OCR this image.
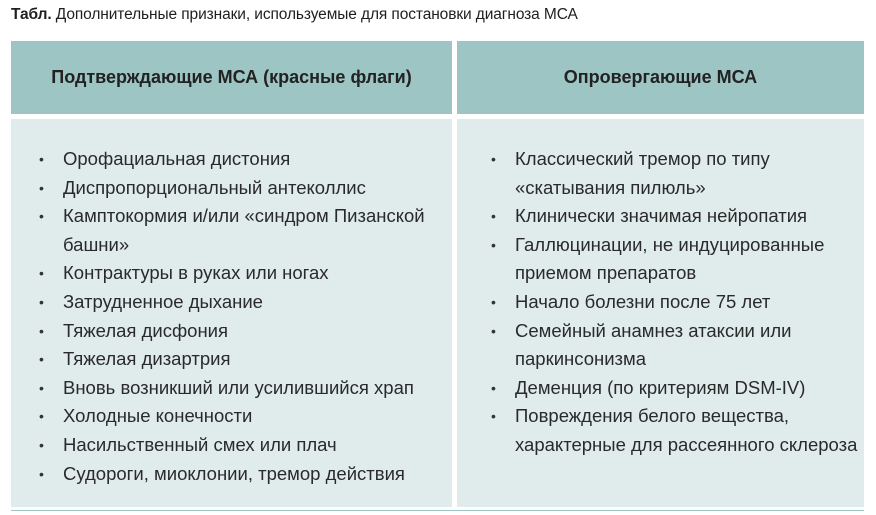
Табл. Дополнительные признаки, используемые для постановки диагноза МСА
Подтверждающие МСА (красные флаги)
• Орофациальная дистония
• Диспропорциональный антеколлис
• Камптокормия и/или «синдром Пизанской башни»
• Контрактуры в руках или ногах
• Затрудненное дыхание
• Тяжелая дисфония
• Тяжелая дизартрия
• Вновь возникший или усилившийся храп
• Холодные конечности
• Насильственный смех или плач
• Судороги, миоклонии, тремор действия
Опровергающие МСА
• Классический тремор по типу «скатывания пилюль»
• Клинически значимая нейропатия
• Галлюцинации, не индуцированные приемом препаратов
• Начало болезни после 75 лет
• Семейный анамнез атаксии или паркинсонизма
• Деменция (по критериям DSM-IV)
• Повреждения белого вещества, характерные для рассеянного склероза
